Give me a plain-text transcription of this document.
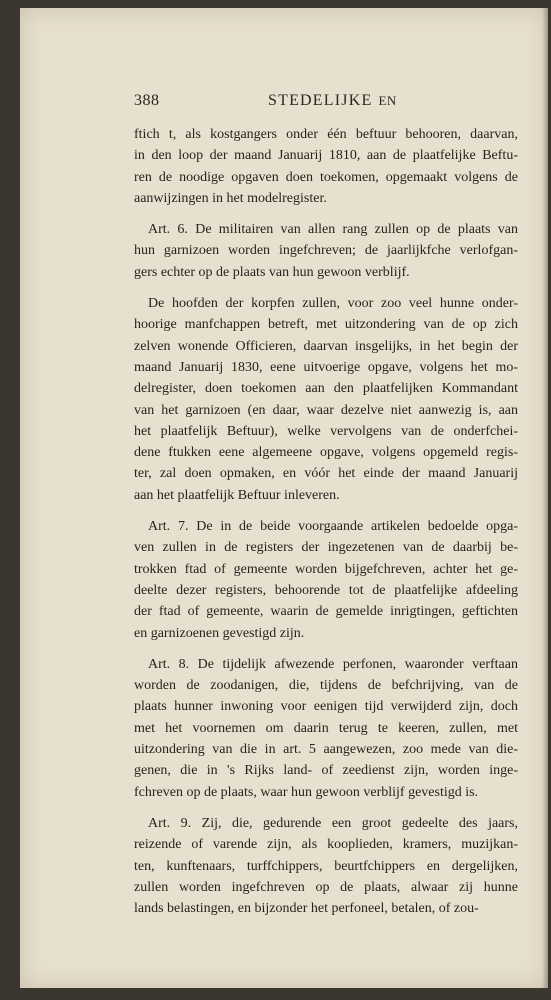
388	STEDELIJKE EN
ftich t, als kostgangers onder één beftuur behooren, daarvan,
in den loop der maand Januarij 1810, aan de plaatfelijke Beftu-
ren de noodige opgaven doen toekomen, opgemaakt volgens de
aanwijzingen in het modelregister.
Art. 6. De militairen van allen rang zullen op de plaats van
hun garnizoen worden ingefchreven; de jaarlijkfche verlofgan-
gers echter op de plaats van hun gewoon verblijf.
De hoofden der korpfen zullen, voor zoo veel hunne onder-
hoorige manfchappen betreft, met uitzondering van de op zich
zelven wonende Officieren, daarvan insgelijks, in het begin der
maand Januarij 1830, eene uitvoerige opgave, volgens het mo-
delregister, doen toekomen aan den plaatfelijken Kommandant
van het garnizoen (en daar, waar dezelve niet aanwezig is, aan
het plaatfelijk Beftuur), welke vervolgens van de onderfchei-
dene ftukken eene algemeene opgave, volgens opgemeld regis-
ter, zal doen opmaken, en vóór het einde der maand Januarij
aan het plaatfelijk Beftuur inleveren.
Art. 7. De in de beide voorgaande artikelen bedoelde opga-
ven zullen in de registers der ingezetenen van de daarbij be-
trokken ftad of gemeente worden bijgefchreven, achter het ge-
deelte dezer registers, behoorende tot de plaatfelijke afdeeling
der ftad of gemeente, waarin de gemelde inrigtingen, geftichten
en garnizoenen gevestigd zijn.
Art. 8. De tijdelijk afwezende perfonen, waaronder verftaan
worden de zoodanigen, die, tijdens de befchrijving, van de
plaats hunner inwoning voor eenigen tijd verwijderd zijn, doch
met het voornemen om daarin terug te keeren, zullen, met
uitzondering van die in art. 5 aangewezen, zoo mede van die-
genen, die in 's Rijks land- of zeedienst zijn, worden inge-
fchreven op de plaats, waar hun gewoon verblijf gevestigd is.
Art. 9. Zij, die, gedurende een groot gedeelte des jaars,
reizende of varende zijn, als kooplieden, kramers, muzijkan-
ten, kunftenaars, turffchippers, beurtfchippers en dergelijken,
zullen worden ingefchreven op de plaats, alwaar zij hunne
lands belastingen, en bijzonder het perfoneel, betalen, of zou-
